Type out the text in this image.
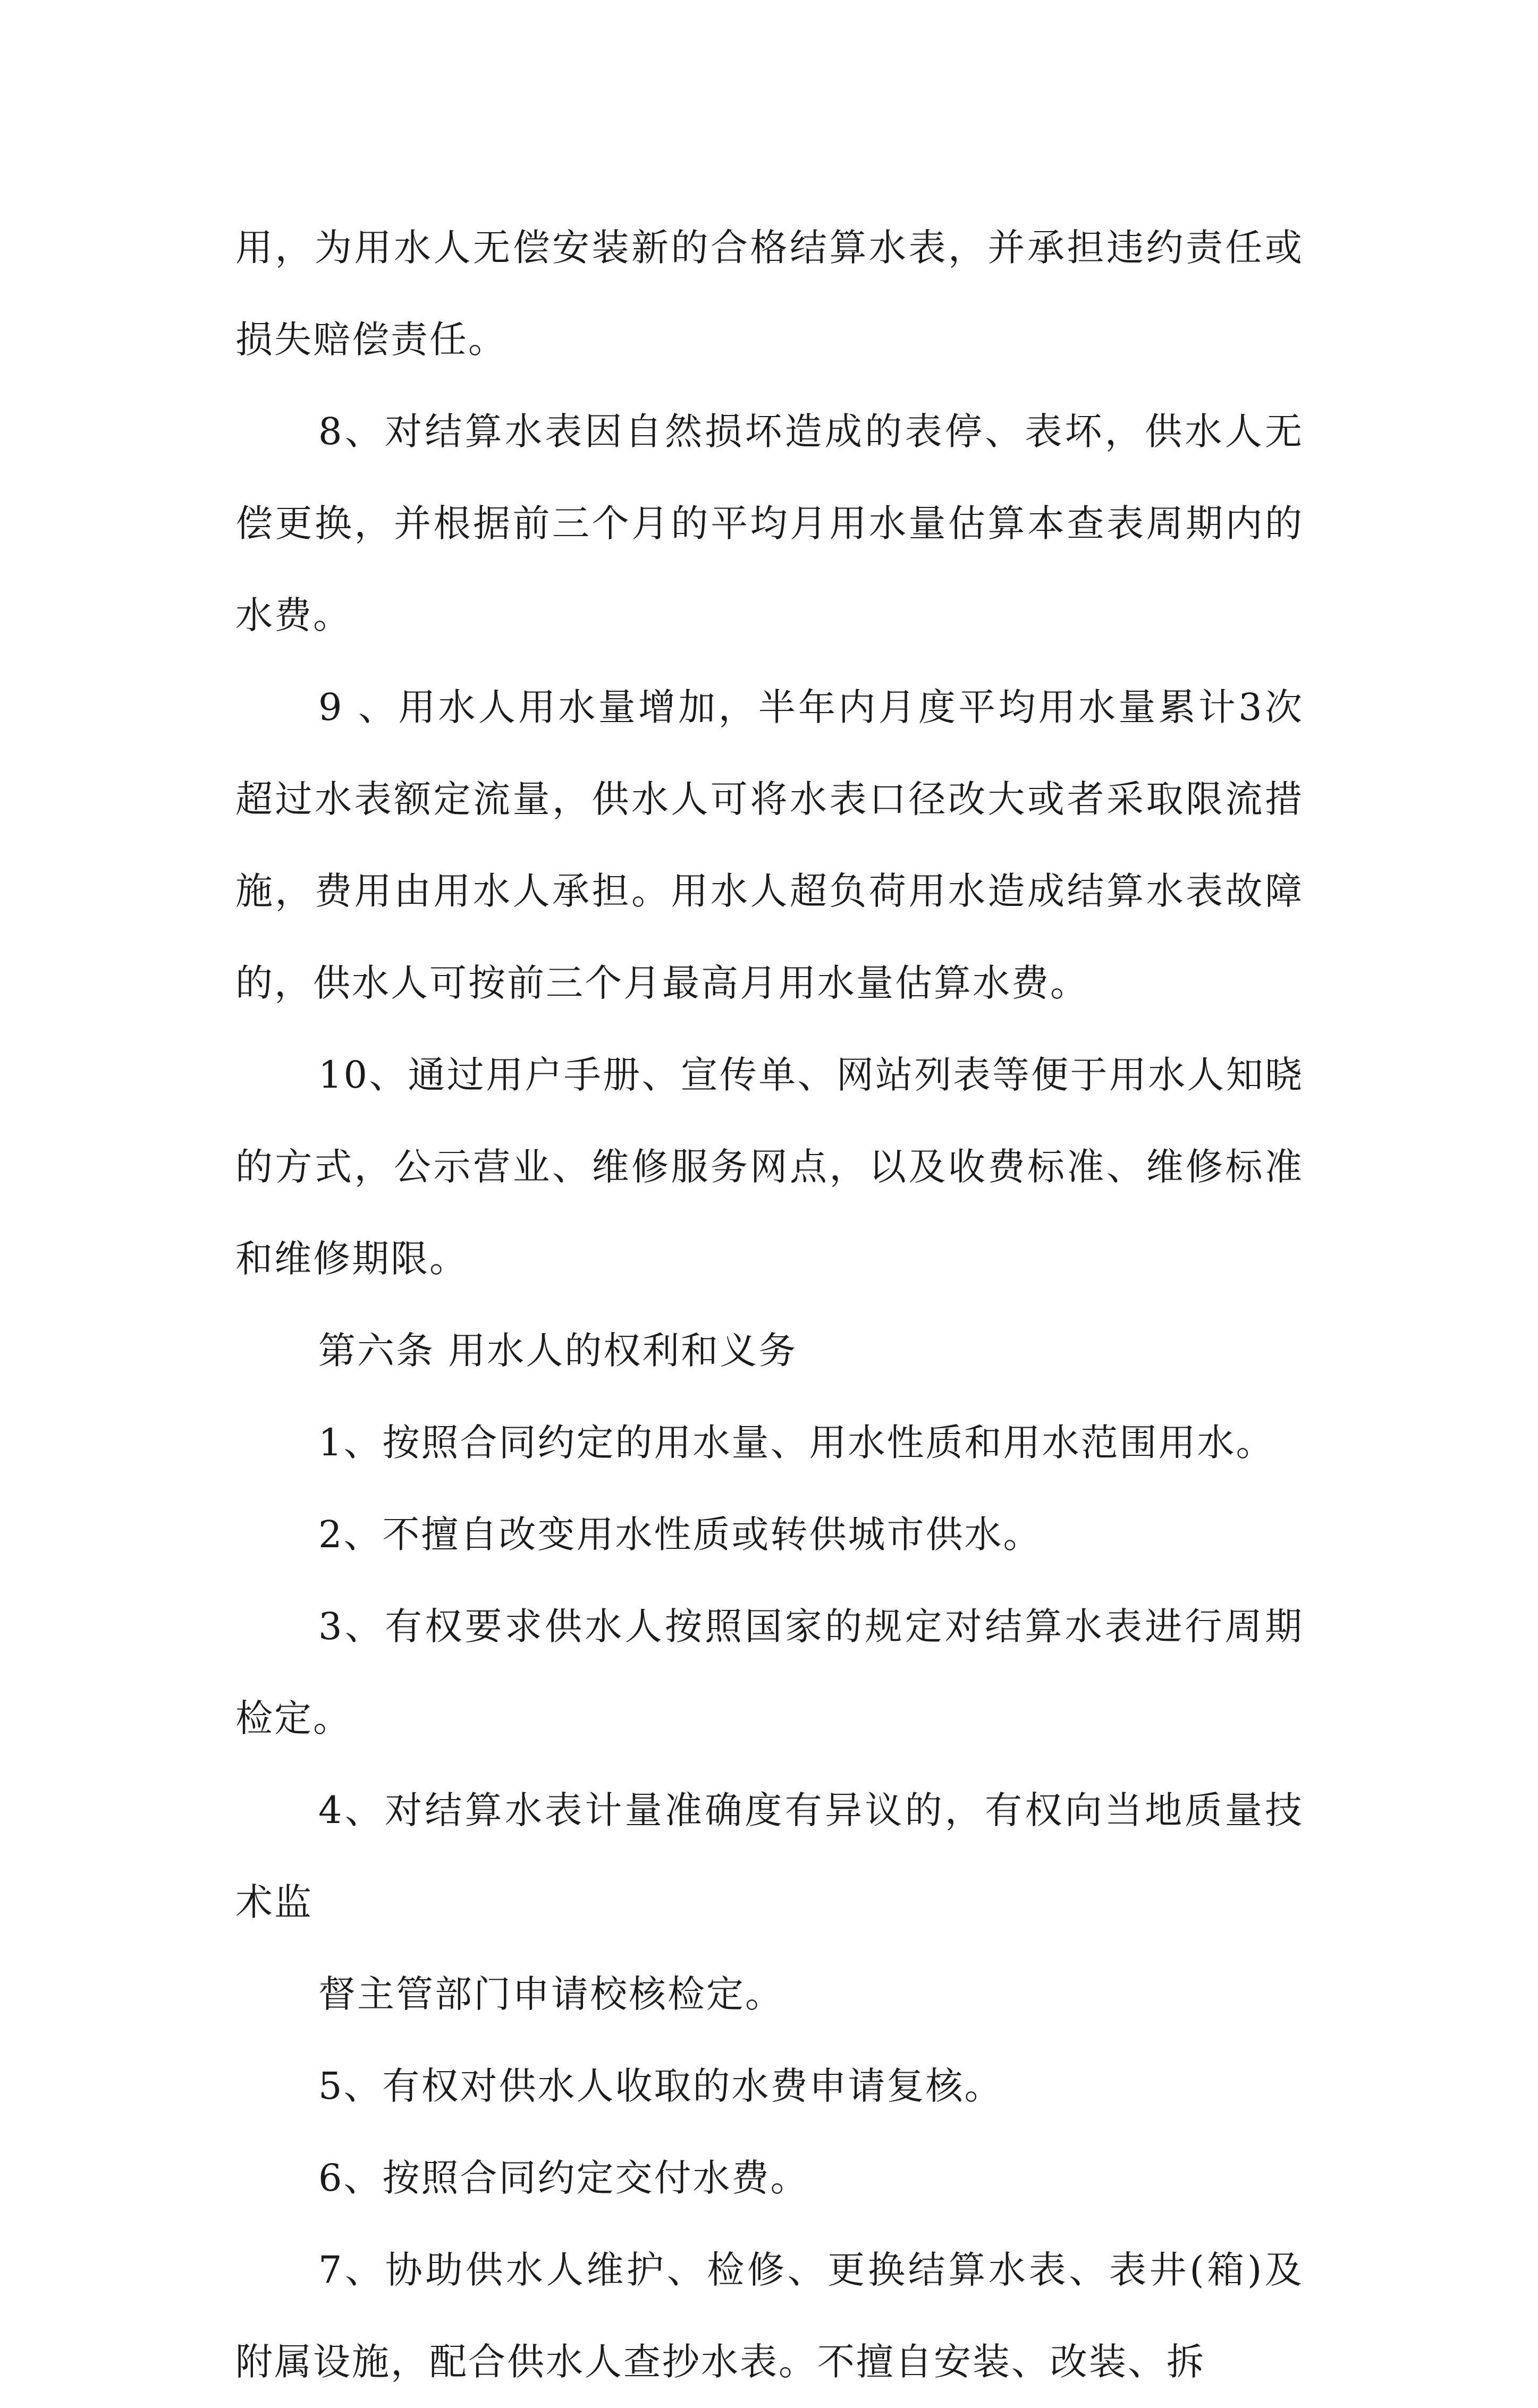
用，为用水人无偿安装新的合格结算水表，并承担违约责任或损失赔偿责任。

8、对结算水表因自然损坏造成的表停、表坏，供水人无偿更换，并根据前三个月的平均月用水量估算本查表周期内的水费。

9 、用水人用水量增加，半年内月度平均用水量累计3次超过水表额定流量，供水人可将水表口径改大或者采取限流措施，费用由用水人承担。用水人超负荷用水造成结算水表故障的，供水人可按前三个月最高月用水量估算水费。

10、通过用户手册、宣传单、网站列表等便于用水人知晓的方式，公示营业、维修服务网点，以及收费标准、维修标准和维修期限。

第六条 用水人的权利和义务

1、按照合同约定的用水量、用水性质和用水范围用水。

2、不擅自改变用水性质或转供城市供水。

3、有权要求供水人按照国家的规定对结算水表进行周期检定。

4、对结算水表计量准确度有异议的，有权向当地质量技术监

督主管部门申请校核检定。

5、有权对供水人收取的水费申请复核。

6、按照合同约定交付水费。

7、协助供水人维护、检修、更换结算水表、表井(箱)及附属设施，配合供水人查抄水表。不擅自安装、改装、拆
